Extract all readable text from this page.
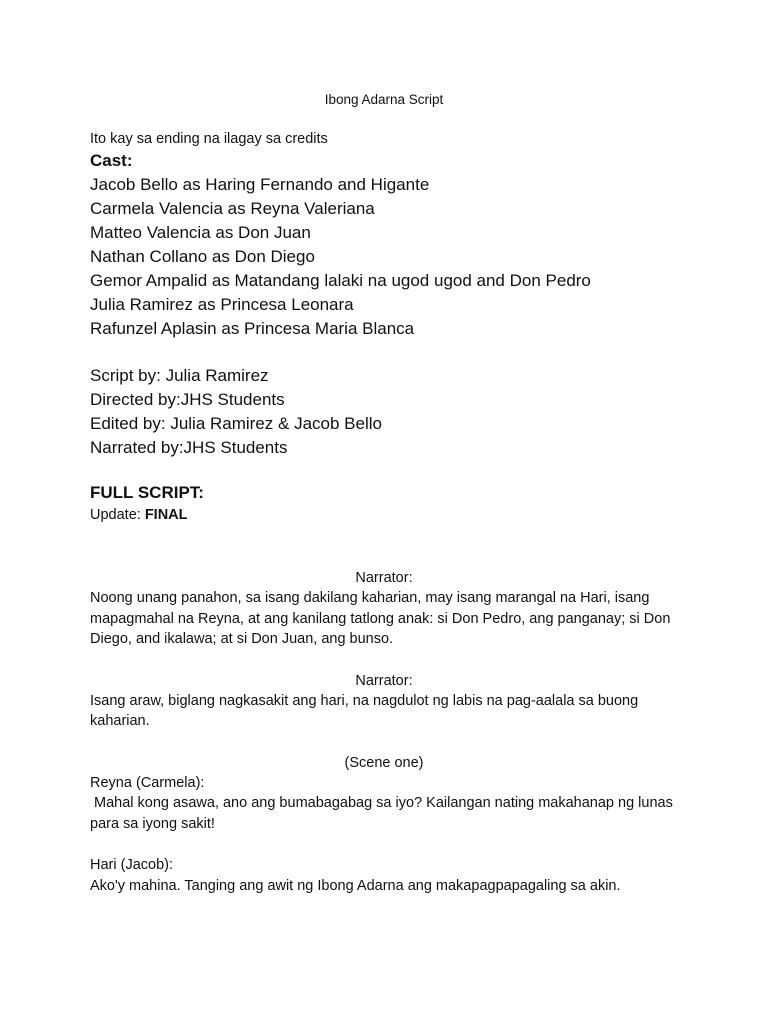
Ibong Adarna Script
Ito kay sa ending na ilagay sa credits
Cast:
Jacob Bello as Haring Fernando and Higante
Carmela Valencia as Reyna Valeriana
Matteo Valencia as Don Juan
Nathan Collano as Don Diego
Gemor Ampalid as Matandang lalaki na ugod ugod and Don Pedro
Julia Ramirez as Princesa Leonara
Rafunzel Aplasin as Princesa Maria Blanca
Script by: Julia Ramirez
Directed by:JHS Students
Edited by: Julia Ramirez & Jacob Bello
Narrated by:JHS Students
FULL SCRIPT:
Update: FINAL
Narrator:
Noong unang panahon, sa isang dakilang kaharian, may isang marangal na Hari, isang mapagmahal na Reyna, at ang kanilang tatlong anak: si Don Pedro, ang panganay; si Don Diego, and ikalawa; at si Don Juan, ang bunso.
Narrator:
Isang araw, biglang nagkasakit ang hari, na nagdulot ng labis na pag-aalala sa buong kaharian.
(Scene one)
Reyna (Carmela):
Mahal kong asawa, ano ang bumabagabag sa iyo? Kailangan nating makahanap ng lunas para sa iyong sakit!
Hari (Jacob):
Ako'y mahina. Tanging ang awit ng Ibong Adarna ang makapagpapagaling sa akin.
